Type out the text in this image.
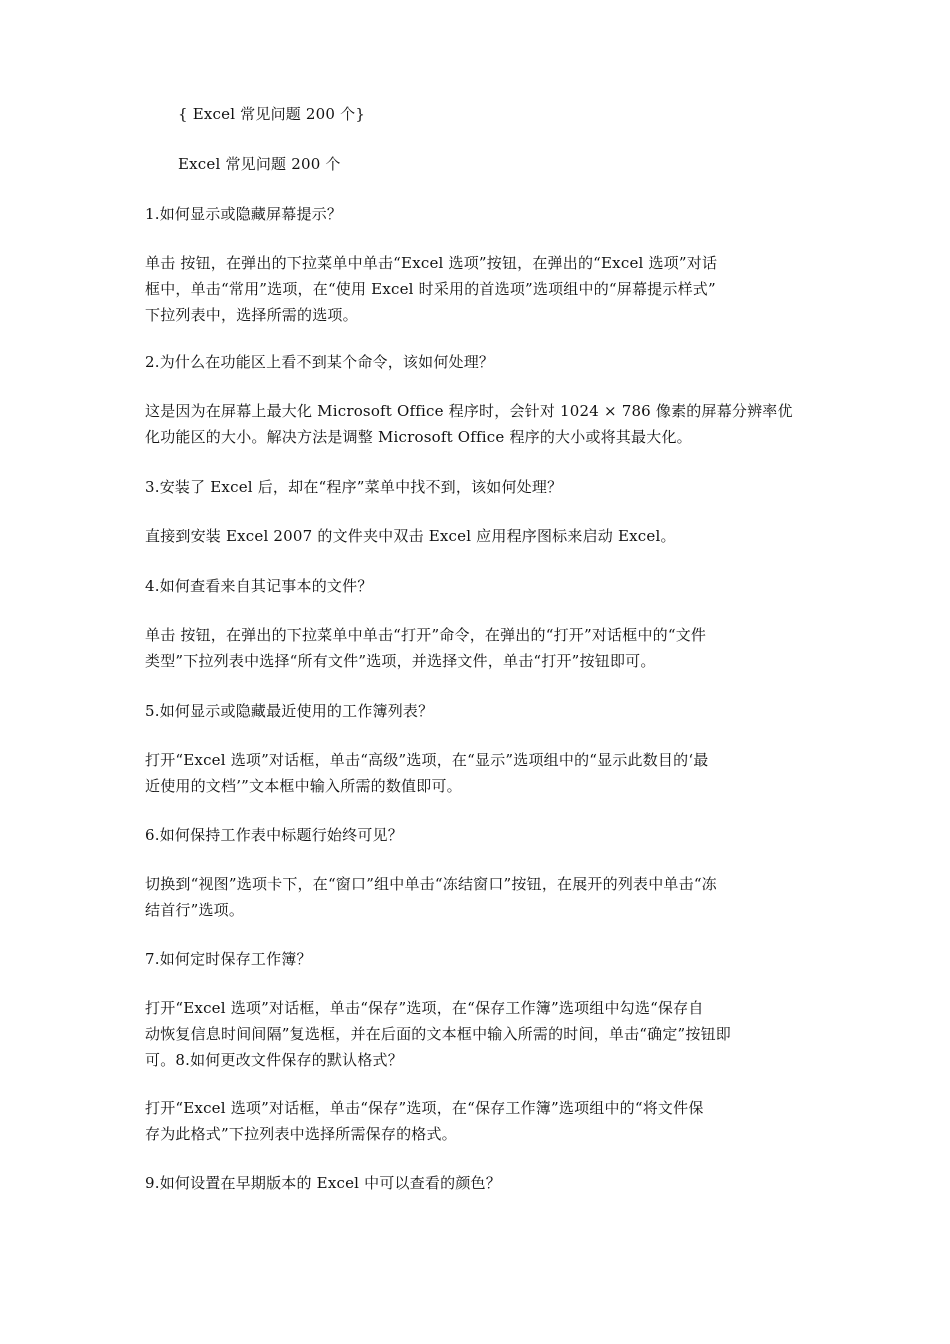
{ Excel 常见问题 200 个}
Excel 常见问题 200 个
1.如何显示或隐藏屏幕提示？
单击 按钮，在弹出的下拉菜单中单击“Excel 选项”按钮，在弹出的“Excel 选项”对话
框中，单击“常用”选项，在“使用 Excel 时采用的首选项”选项组中的“屏幕提示样式”
下拉列表中，选择所需的选项。
2.为什么在功能区上看不到某个命令，该如何处理？
这是因为在屏幕上最大化 Microsoft Office 程序时，会针对 1024 × 786 像素的屏幕分辨率优
化功能区的大小。解决方法是调整 Microsoft Office 程序的大小或将其最大化。
3.安装了 Excel 后，却在“程序”菜单中找不到，该如何处理？
直接到安装 Excel 2007 的文件夹中双击 Excel 应用程序图标来启动 Excel。
4.如何查看来自其记事本的文件？
单击 按钮，在弹出的下拉菜单中单击“打开”命令，在弹出的“打开”对话框中的“文件
类型”下拉列表中选择“所有文件”选项，并选择文件，单击“打开”按钮即可。
5.如何显示或隐藏最近使用的工作簿列表？
打开“Excel 选项”对话框，单击“高级”选项，在“显示”选项组中的“显示此数目的‘最
近使用的文档’”文本框中输入所需的数值即可。
6.如何保持工作表中标题行始终可见？
切换到“视图”选项卡下，在“窗口”组中单击“冻结窗口”按钮，在展开的列表中单击“冻
结首行”选项。
7.如何定时保存工作簿？
打开“Excel 选项”对话框，单击“保存”选项，在“保存工作簿”选项组中勾选“保存自
动恢复信息时间间隔”复选框，并在后面的文本框中输入所需的时间，单击“确定”按钮即
可。8.如何更改文件保存的默认格式？
打开“Excel 选项”对话框，单击“保存”选项，在“保存工作簿”选项组中的“将文件保
存为此格式”下拉列表中选择所需保存的格式。
9.如何设置在早期版本的 Excel 中可以查看的颜色？
